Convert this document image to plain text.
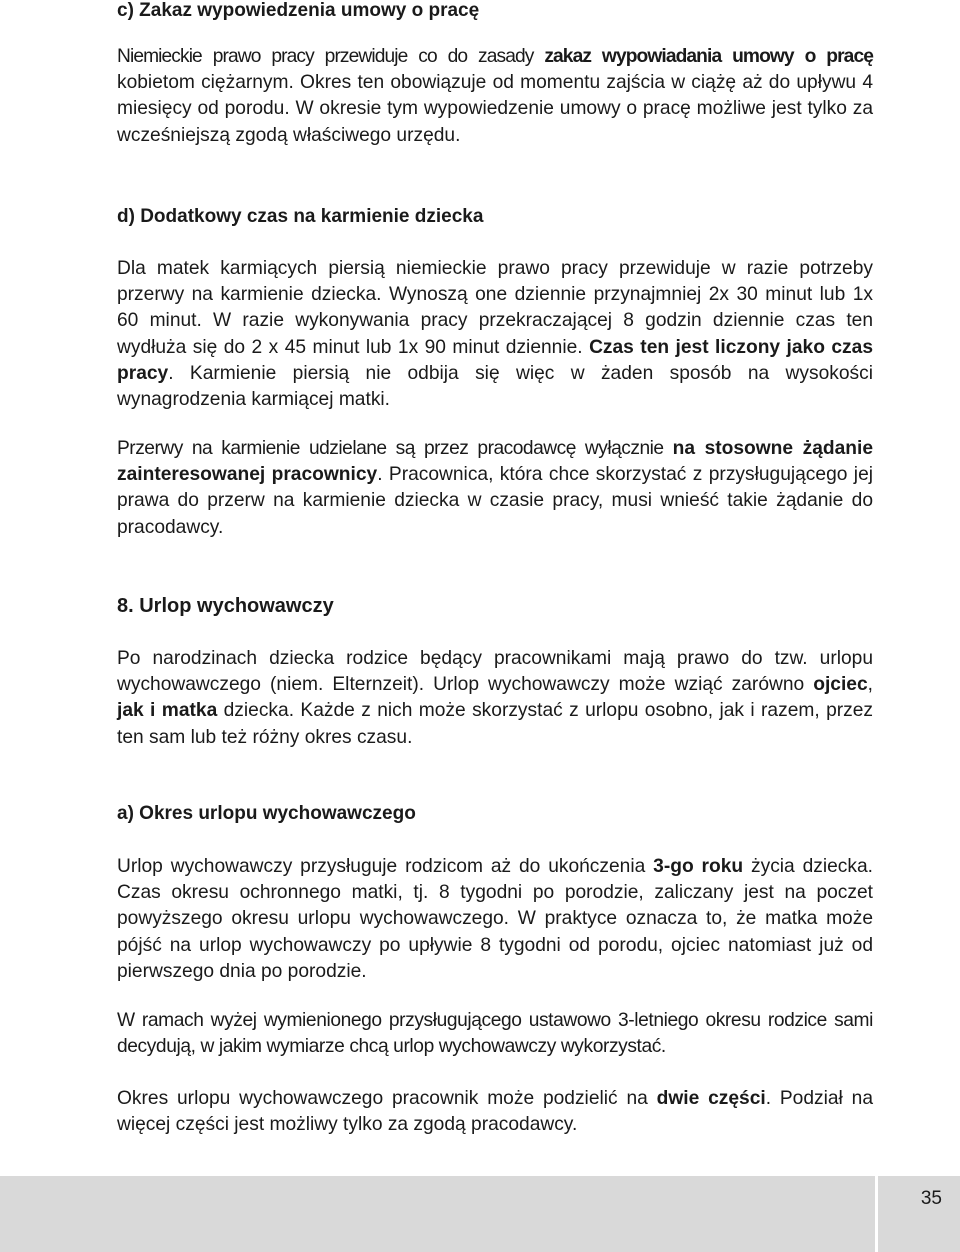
c) Zakaz wypowiedzenia umowy o pracę
Niemieckie prawo pracy przewiduje co do zasady zakaz wypowiadania umowy o pracę kobietom ciężarnym. Okres ten obowiązuje od momentu zajścia w ciążę aż do upływu 4 miesięcy od porodu. W okresie tym wypowiedzenie umowy o pracę możliwe jest tylko za wcześniejszą zgodą właściwego urzędu.
d) Dodatkowy czas na karmienie dziecka
Dla matek karmiących piersią niemieckie prawo pracy przewiduje w razie potrzeby przerwy na karmienie dziecka. Wynoszą one dziennie przynajmniej 2x 30 minut lub 1x 60 minut. W razie wykonywania pracy przekraczającej 8 godzin dziennie czas ten wydłuża się do 2 x 45 minut lub 1x 90 minut dziennie. Czas ten jest liczony jako czas pracy. Karmienie piersią nie odbija się więc w żaden sposób na wysokości wynagrodzenia karmiącej matki.
Przerwy na karmienie udzielane są przez pracodawcę wyłącznie na stosowne żądanie zainteresowanej pracownicy. Pracownica, która chce skorzystać z przysługującego jej prawa do przerw na karmienie dziecka w czasie pracy, musi wnieść takie żądanie do pracodawcy.
8. Urlop wychowawczy
Po narodzinach dziecka rodzice będący pracownikami mają prawo do tzw. urlopu wychowawczego (niem. Elternzeit). Urlop wychowawczy może wziąć zarówno ojciec, jak i matka dziecka. Każde z nich może skorzystać z urlopu osobno, jak i razem, przez ten sam lub też różny okres czasu.
a) Okres urlopu wychowawczego
Urlop wychowawczy przysługuje rodzicom aż do ukończenia 3-go roku życia dziecka. Czas okresu ochronnego matki, tj. 8 tygodni po porodzie, zaliczany jest na poczet powyższego okresu urlopu wychowawczego. W praktyce oznacza to, że matka może pójść na urlop wychowawczy po upływie 8 tygodni od porodu, ojciec natomiast już od pierwszego dnia po porodzie.
W ramach wyżej wymienionego przysługującego ustawowo 3-letniego okresu rodzice sami decydują, w jakim wymiarze chcą urlop wychowawczy wykorzystać.
Okres urlopu wychowawczego pracownik może podzielić na dwie części. Podział na więcej części jest możliwy tylko za zgodą pracodawcy.
35
